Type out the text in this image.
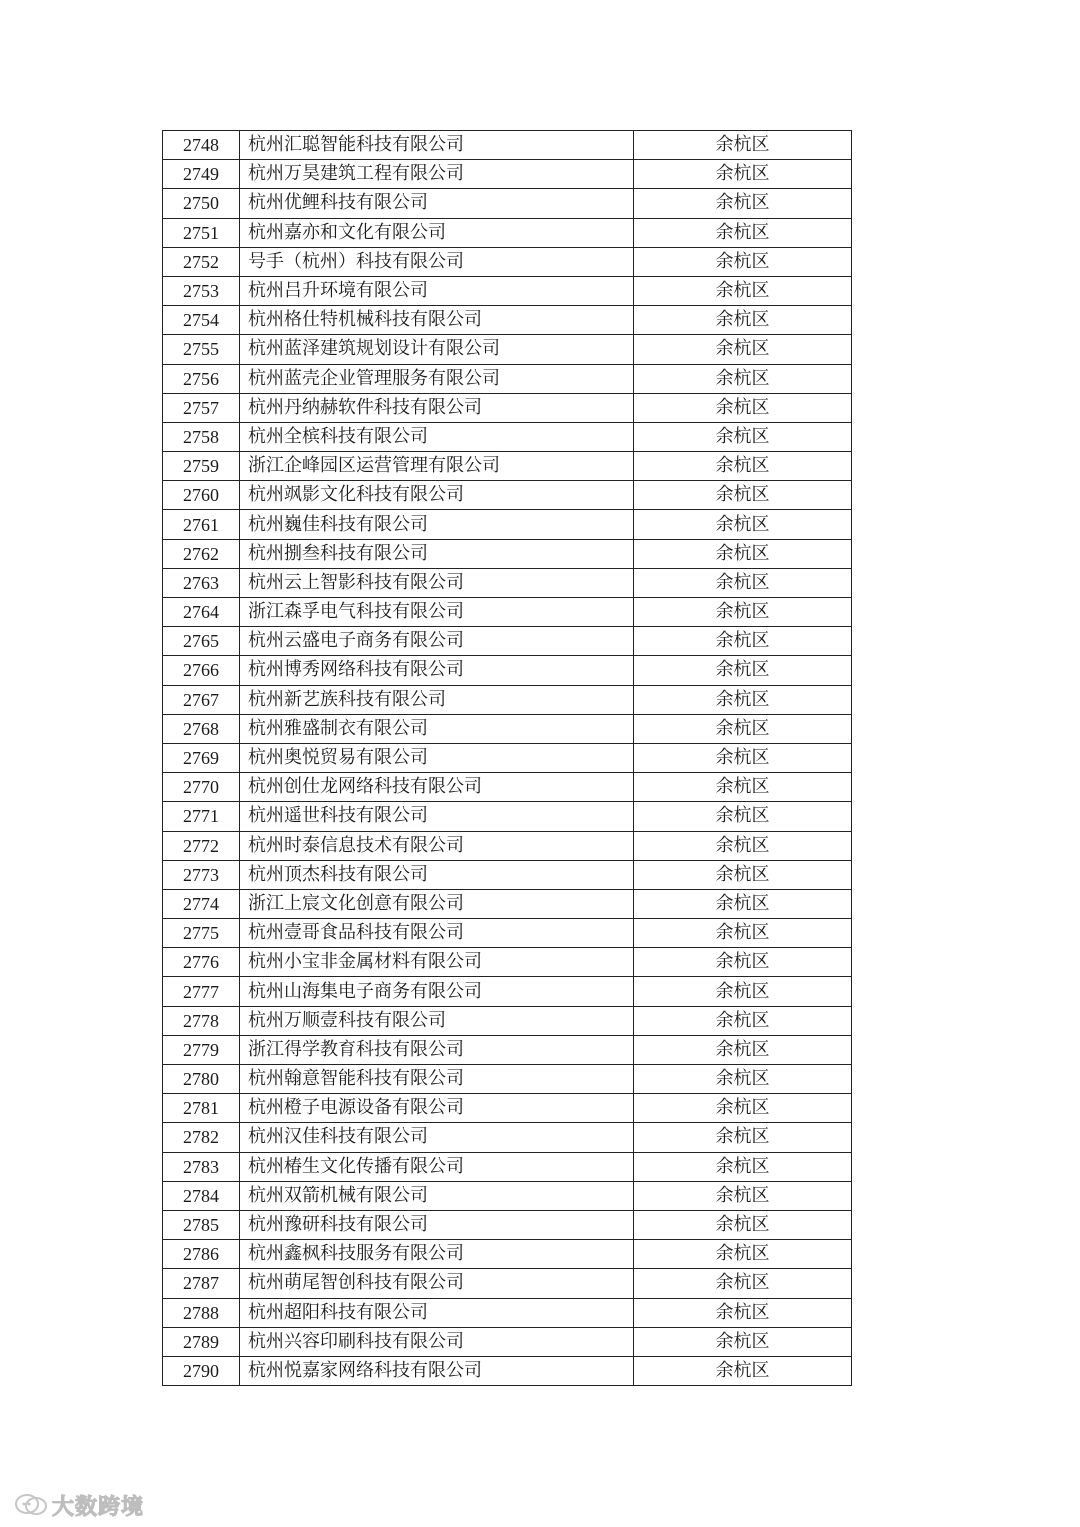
2748	杭州汇聪智能科技有限公司	余杭区
2749	杭州万昊建筑工程有限公司	余杭区
2750	杭州优鲤科技有限公司	余杭区
2751	杭州嘉亦和文化有限公司	余杭区
2752	号手（杭州）科技有限公司	余杭区
2753	杭州吕升环境有限公司	余杭区
2754	杭州格仕特机械科技有限公司	余杭区
2755	杭州蓝泽建筑规划设计有限公司	余杭区
2756	杭州蓝壳企业管理服务有限公司	余杭区
2757	杭州丹纳赫软件科技有限公司	余杭区
2758	杭州全槟科技有限公司	余杭区
2759	浙江企峰园区运营管理有限公司	余杭区
2760	杭州飒影文化科技有限公司	余杭区
2761	杭州巍佳科技有限公司	余杭区
2762	杭州捌叁科技有限公司	余杭区
2763	杭州云上智影科技有限公司	余杭区
2764	浙江森孚电气科技有限公司	余杭区
2765	杭州云盛电子商务有限公司	余杭区
2766	杭州博秀网络科技有限公司	余杭区
2767	杭州新艺族科技有限公司	余杭区
2768	杭州雅盛制衣有限公司	余杭区
2769	杭州奥悦贸易有限公司	余杭区
2770	杭州创仕龙网络科技有限公司	余杭区
2771	杭州遥世科技有限公司	余杭区
2772	杭州时泰信息技术有限公司	余杭区
2773	杭州顶杰科技有限公司	余杭区
2774	浙江上宸文化创意有限公司	余杭区
2775	杭州壹哥食品科技有限公司	余杭区
2776	杭州小宝非金属材料有限公司	余杭区
2777	杭州山海集电子商务有限公司	余杭区
2778	杭州万顺壹科技有限公司	余杭区
2779	浙江得学教育科技有限公司	余杭区
2780	杭州翰意智能科技有限公司	余杭区
2781	杭州橙子电源设备有限公司	余杭区
2782	杭州汉佳科技有限公司	余杭区
2783	杭州椿生文化传播有限公司	余杭区
2784	杭州双箭机械有限公司	余杭区
2785	杭州豫研科技有限公司	余杭区
2786	杭州鑫枫科技服务有限公司	余杭区
2787	杭州萌尾智创科技有限公司	余杭区
2788	杭州超阳科技有限公司	余杭区
2789	杭州兴容印刷科技有限公司	余杭区
2790	杭州悦嘉家网络科技有限公司	余杭区
大数跨境
